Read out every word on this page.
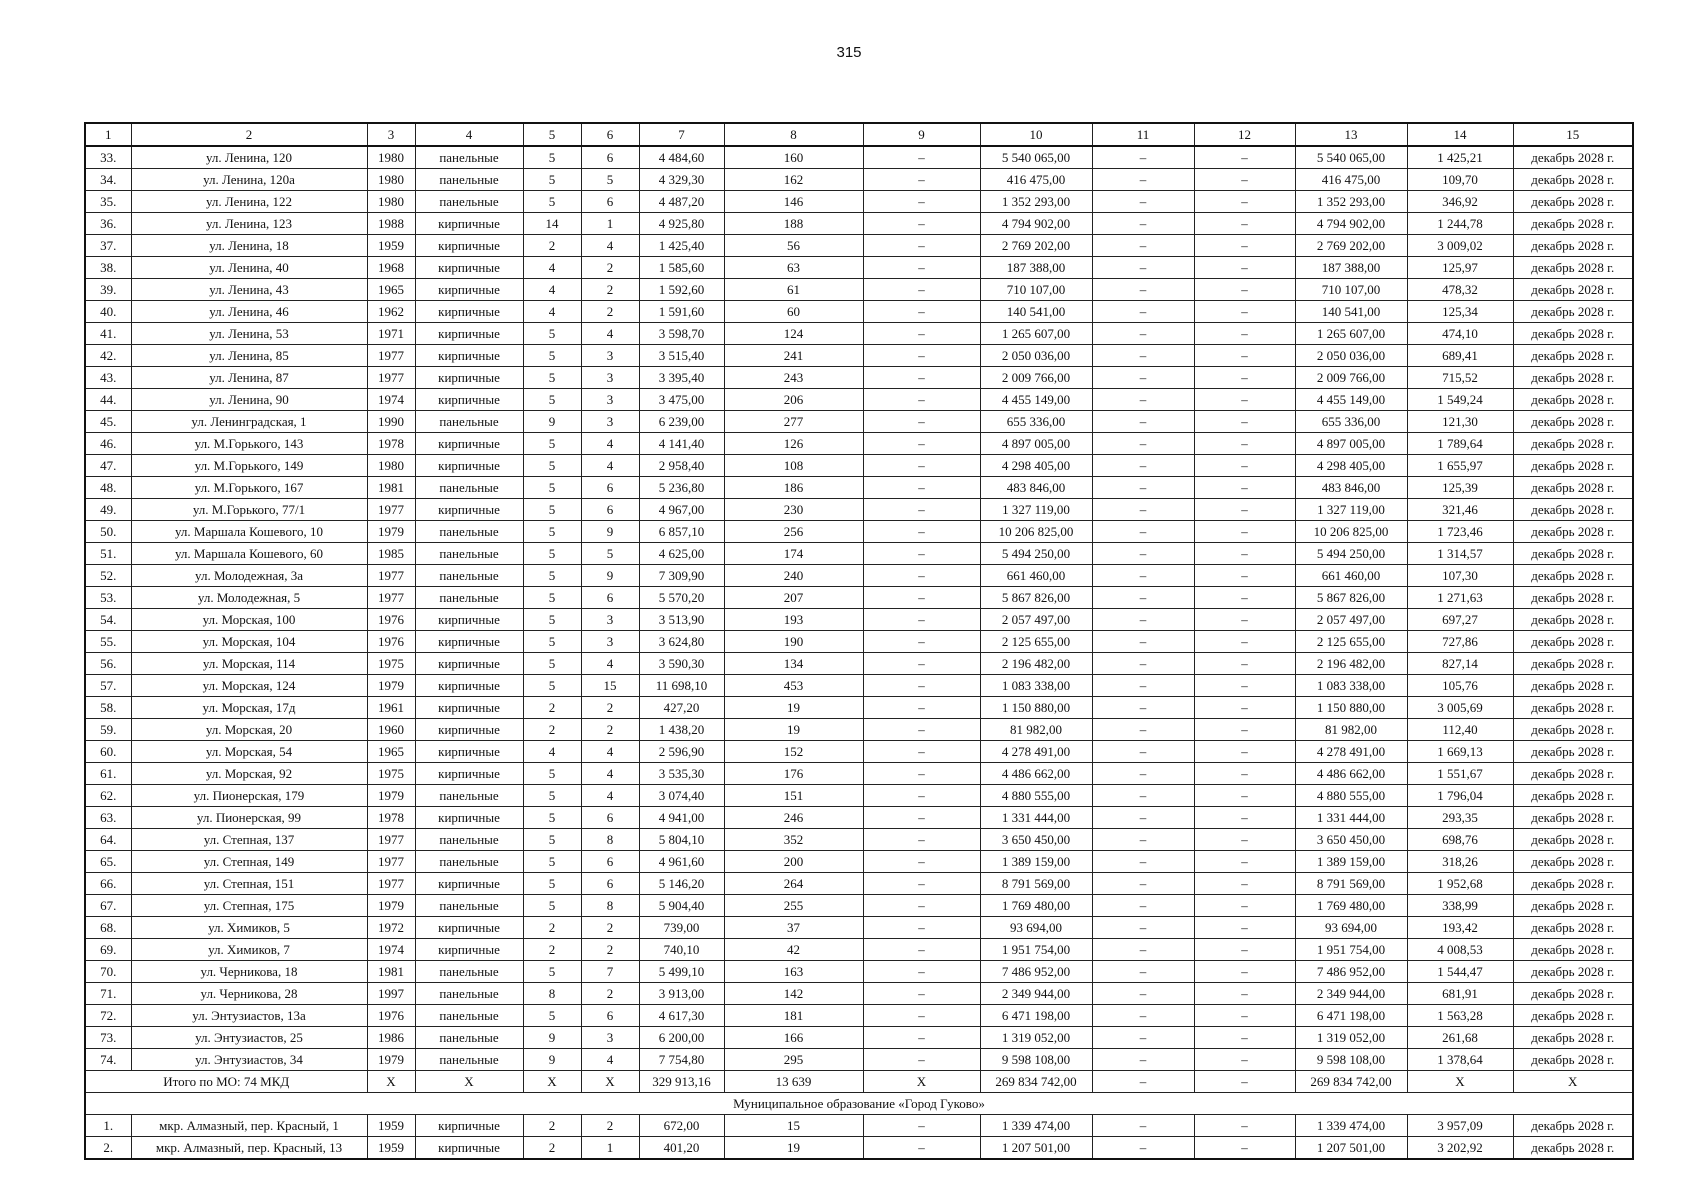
315
1	2	3	4	5	6	7	8	9	10	11	12	13	14	15
33.	ул. Ленина, 120	1980	панельные	5	6	4 484,60	160	–	5 540 065,00	–	–	5 540 065,00	1 425,21	декабрь 2028 г.
34.	ул. Ленина, 120а	1980	панельные	5	5	4 329,30	162	–	416 475,00	–	–	416 475,00	109,70	декабрь 2028 г.
35.	ул. Ленина, 122	1980	панельные	5	6	4 487,20	146	–	1 352 293,00	–	–	1 352 293,00	346,92	декабрь 2028 г.
36.	ул. Ленина, 123	1988	кирпичные	14	1	4 925,80	188	–	4 794 902,00	–	–	4 794 902,00	1 244,78	декабрь 2028 г.
37.	ул. Ленина, 18	1959	кирпичные	2	4	1 425,40	56	–	2 769 202,00	–	–	2 769 202,00	3 009,02	декабрь 2028 г.
38.	ул. Ленина, 40	1968	кирпичные	4	2	1 585,60	63	–	187 388,00	–	–	187 388,00	125,97	декабрь 2028 г.
39.	ул. Ленина, 43	1965	кирпичные	4	2	1 592,60	61	–	710 107,00	–	–	710 107,00	478,32	декабрь 2028 г.
40.	ул. Ленина, 46	1962	кирпичные	4	2	1 591,60	60	–	140 541,00	–	–	140 541,00	125,34	декабрь 2028 г.
41.	ул. Ленина, 53	1971	кирпичные	5	4	3 598,70	124	–	1 265 607,00	–	–	1 265 607,00	474,10	декабрь 2028 г.
42.	ул. Ленина, 85	1977	кирпичные	5	3	3 515,40	241	–	2 050 036,00	–	–	2 050 036,00	689,41	декабрь 2028 г.
43.	ул. Ленина, 87	1977	кирпичные	5	3	3 395,40	243	–	2 009 766,00	–	–	2 009 766,00	715,52	декабрь 2028 г.
44.	ул. Ленина, 90	1974	кирпичные	5	3	3 475,00	206	–	4 455 149,00	–	–	4 455 149,00	1 549,24	декабрь 2028 г.
45.	ул. Ленинградская, 1	1990	панельные	9	3	6 239,00	277	–	655 336,00	–	–	655 336,00	121,30	декабрь 2028 г.
46.	ул. М.Горького, 143	1978	кирпичные	5	4	4 141,40	126	–	4 897 005,00	–	–	4 897 005,00	1 789,64	декабрь 2028 г.
47.	ул. М.Горького, 149	1980	кирпичные	5	4	2 958,40	108	–	4 298 405,00	–	–	4 298 405,00	1 655,97	декабрь 2028 г.
48.	ул. М.Горького, 167	1981	панельные	5	6	5 236,80	186	–	483 846,00	–	–	483 846,00	125,39	декабрь 2028 г.
49.	ул. М.Горького, 77/1	1977	кирпичные	5	6	4 967,00	230	–	1 327 119,00	–	–	1 327 119,00	321,46	декабрь 2028 г.
50.	ул. Маршала Кошевого, 10	1979	панельные	5	9	6 857,10	256	–	10 206 825,00	–	–	10 206 825,00	1 723,46	декабрь 2028 г.
51.	ул. Маршала Кошевого, 60	1985	панельные	5	5	4 625,00	174	–	5 494 250,00	–	–	5 494 250,00	1 314,57	декабрь 2028 г.
52.	ул. Молодежная, 3а	1977	панельные	5	9	7 309,90	240	–	661 460,00	–	–	661 460,00	107,30	декабрь 2028 г.
53.	ул. Молодежная, 5	1977	панельные	5	6	5 570,20	207	–	5 867 826,00	–	–	5 867 826,00	1 271,63	декабрь 2028 г.
54.	ул. Морская, 100	1976	кирпичные	5	3	3 513,90	193	–	2 057 497,00	–	–	2 057 497,00	697,27	декабрь 2028 г.
55.	ул. Морская, 104	1976	кирпичные	5	3	3 624,80	190	–	2 125 655,00	–	–	2 125 655,00	727,86	декабрь 2028 г.
56.	ул. Морская, 114	1975	кирпичные	5	4	3 590,30	134	–	2 196 482,00	–	–	2 196 482,00	827,14	декабрь 2028 г.
57.	ул. Морская, 124	1979	кирпичные	5	15	11 698,10	453	–	1 083 338,00	–	–	1 083 338,00	105,76	декабрь 2028 г.
58.	ул. Морская, 17д	1961	кирпичные	2	2	427,20	19	–	1 150 880,00	–	–	1 150 880,00	3 005,69	декабрь 2028 г.
59.	ул. Морская, 20	1960	кирпичные	2	2	1 438,20	19	–	81 982,00	–	–	81 982,00	112,40	декабрь 2028 г.
60.	ул. Морская, 54	1965	кирпичные	4	4	2 596,90	152	–	4 278 491,00	–	–	4 278 491,00	1 669,13	декабрь 2028 г.
61.	ул. Морская, 92	1975	кирпичные	5	4	3 535,30	176	–	4 486 662,00	–	–	4 486 662,00	1 551,67	декабрь 2028 г.
62.	ул. Пионерская, 179	1979	панельные	5	4	3 074,40	151	–	4 880 555,00	–	–	4 880 555,00	1 796,04	декабрь 2028 г.
63.	ул. Пионерская, 99	1978	кирпичные	5	6	4 941,00	246	–	1 331 444,00	–	–	1 331 444,00	293,35	декабрь 2028 г.
64.	ул. Степная, 137	1977	панельные	5	8	5 804,10	352	–	3 650 450,00	–	–	3 650 450,00	698,76	декабрь 2028 г.
65.	ул. Степная, 149	1977	панельные	5	6	4 961,60	200	–	1 389 159,00	–	–	1 389 159,00	318,26	декабрь 2028 г.
66.	ул. Степная, 151	1977	кирпичные	5	6	5 146,20	264	–	8 791 569,00	–	–	8 791 569,00	1 952,68	декабрь 2028 г.
67.	ул. Степная, 175	1979	панельные	5	8	5 904,40	255	–	1 769 480,00	–	–	1 769 480,00	338,99	декабрь 2028 г.
68.	ул. Химиков, 5	1972	кирпичные	2	2	739,00	37	–	93 694,00	–	–	93 694,00	193,42	декабрь 2028 г.
69.	ул. Химиков, 7	1974	кирпичные	2	2	740,10	42	–	1 951 754,00	–	–	1 951 754,00	4 008,53	декабрь 2028 г.
70.	ул. Черникова, 18	1981	панельные	5	7	5 499,10	163	–	7 486 952,00	–	–	7 486 952,00	1 544,47	декабрь 2028 г.
71.	ул. Черникова, 28	1997	панельные	8	2	3 913,00	142	–	2 349 944,00	–	–	2 349 944,00	681,91	декабрь 2028 г.
72.	ул. Энтузиастов, 13а	1976	панельные	5	6	4 617,30	181	–	6 471 198,00	–	–	6 471 198,00	1 563,28	декабрь 2028 г.
73.	ул. Энтузиастов, 25	1986	панельные	9	3	6 200,00	166	–	1 319 052,00	–	–	1 319 052,00	261,68	декабрь 2028 г.
74.	ул. Энтузиастов, 34	1979	панельные	9	4	7 754,80	295	–	9 598 108,00	–	–	9 598 108,00	1 378,64	декабрь 2028 г.
Итого по МО: 74 МКД		X	X	X	X	329 913,16	13 639	X	269 834 742,00	–	–	269 834 742,00	X	X
Муниципальное образование «Город Гуково»														
1.	мкр. Алмазный, пер. Красный, 1	1959	кирпичные	2	2	672,00	15	–	1 339 474,00	–	–	1 339 474,00	3 957,09	декабрь 2028 г.
2.	мкр. Алмазный, пер. Красный, 13	1959	кирпичные	2	1	401,20	19	–	1 207 501,00	–	–	1 207 501,00	3 202,92	декабрь 2028 г.
